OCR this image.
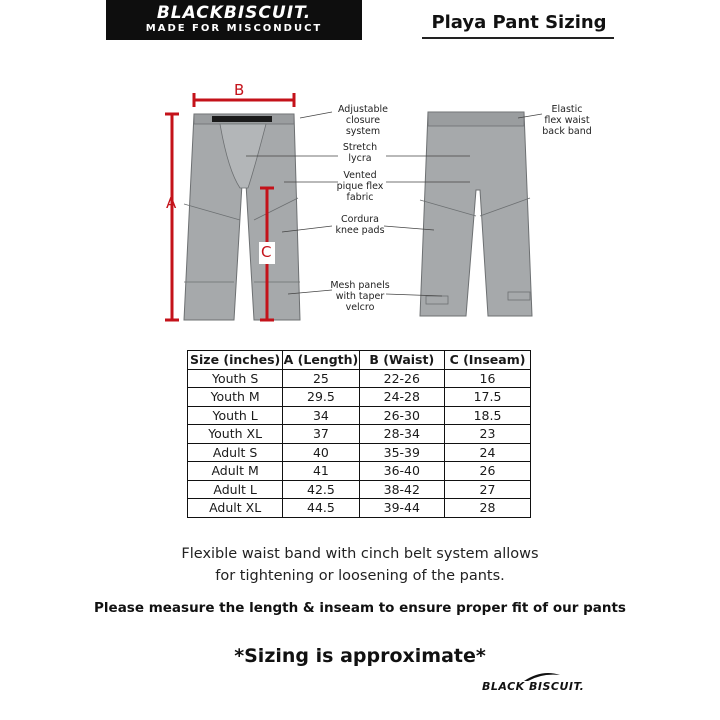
BLACKBISCUIT.
MADE FOR MISCONDUCT	Playa Pant Sizing
B
A
C
Adjustable closure system
Stretch lycra
Vented pique flex fabric
Cordura knee pads
Mesh panels with taper velcro
Elastic flex waist back band
Size (inches)	A (Length)	B (Waist)	C (Inseam)
Youth S	25	22-26	16
Youth M	29.5	24-28	17.5
Youth L	34	26-30	18.5
Youth XL	37	28-34	23
Adult S	40	35-39	24
Adult M	41	36-40	26
Adult L	42.5	38-42	27
Adult XL	44.5	39-44	28
Flexible waist band with cinch belt system allows
for tightening or loosening of the pants.
Please measure the length & inseam to ensure proper fit of our pants
*Sizing is approximate*
BLACK BISCUIT.
